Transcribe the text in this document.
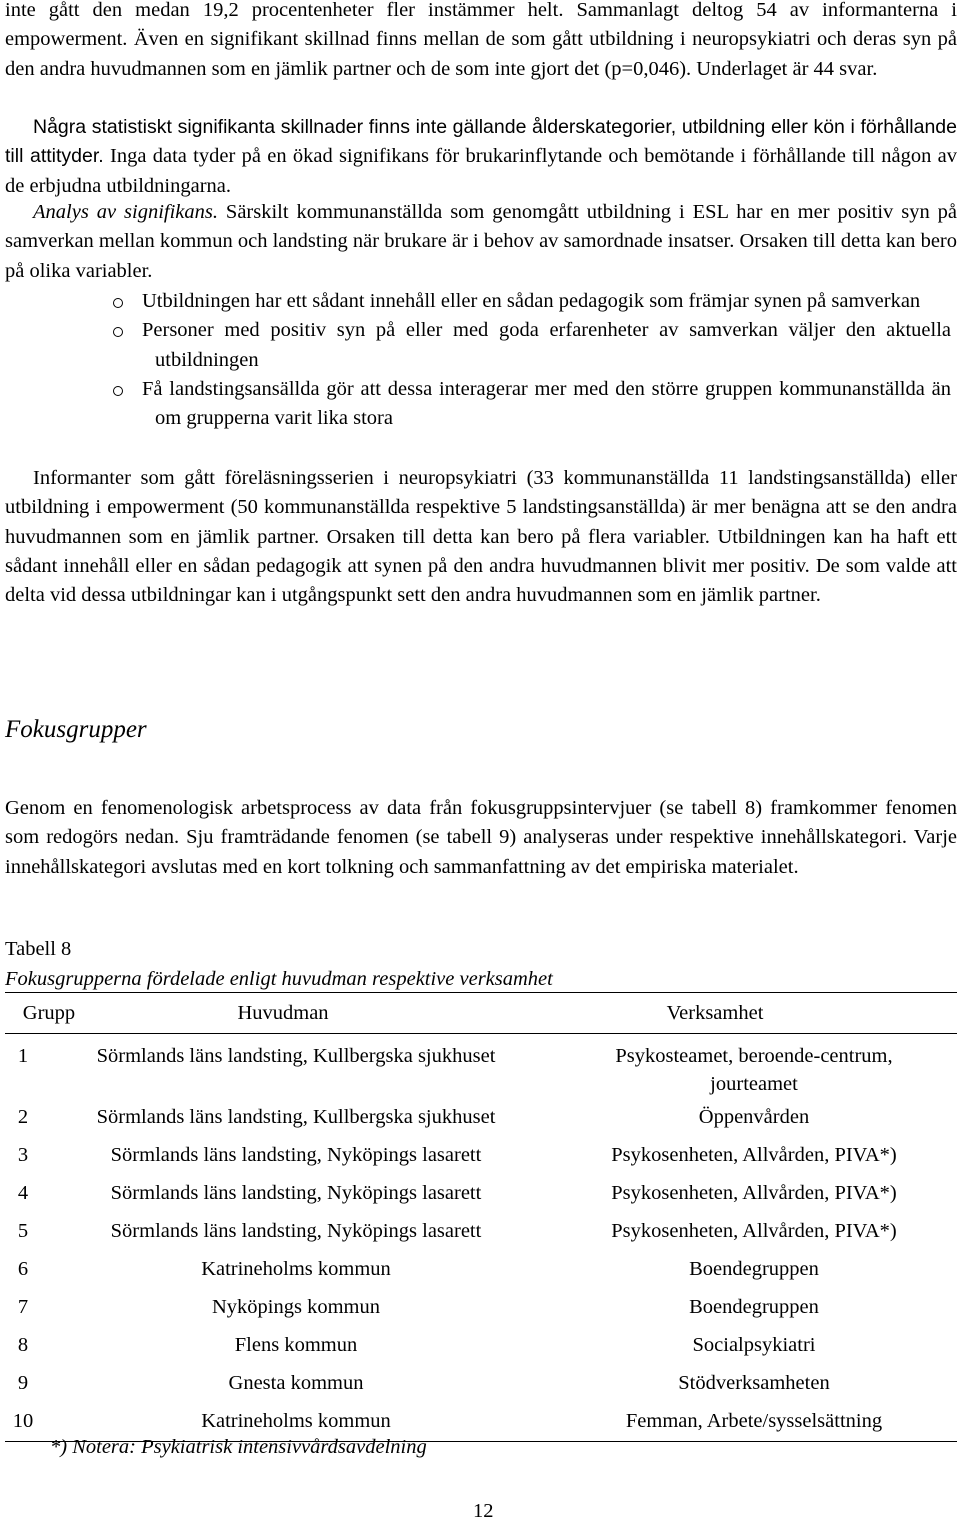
inte gått den medan 19,2 procentenheter fler instämmer helt. Sammanlagt deltog 54 av informanterna i empowerment. Även en signifikant skillnad finns mellan de som gått utbildning i neuropsykiatri och deras syn på den andra huvudmannen som en jämlik partner och de som inte gjort det (p=0,046). Underlaget är 44 svar.

Några statistiskt signifikanta skillnader finns inte gällande ålderskategorier, utbildning eller kön i förhållande till attityder. Inga data tyder på en ökad signifikans för brukarinflytande och bemötande i förhållande till någon av de erbjudna utbildningarna.

Analys av signifikans. Särskilt kommunanställda som genomgått utbildning i ESL har en mer positiv syn på samverkan mellan kommun och landsting när brukare är i behov av samordnade insatser. Orsaken till detta kan bero på olika variabler.

Utbildningen har ett sådant innehåll eller en sådan pedagogik som främjar synen på samverkan
Personer med positiv syn på eller med goda erfarenheter av samverkan väljer den aktuella utbildningen
Få landstingsansällda gör att dessa interagerar mer med den större gruppen kommunanställda än om grupperna varit lika stora

Informanter som gått föreläsningsserien i neuropsykiatri (33 kommunanställda 11 landstingsanställda) eller utbildning i empowerment (50 kommunanställda respektive 5 landstingsanställda) är mer benägna att se den andra huvudmannen som en jämlik partner. Orsaken till detta kan bero på flera variabler. Utbildningen kan ha haft ett sådant innehåll eller en sådan pedagogik att synen på den andra huvudmannen blivit mer positiv. De som valde att delta vid dessa utbildningar kan i utgångspunkt sett den andra huvudmannen som en jämlik partner.

Fokusgrupper

Genom en fenomenologisk arbetsprocess av data från fokusgruppsintervjuer (se tabell 8) framkommer fenomen som redogörs nedan. Sju framträdande fenomen (se tabell 9) analyseras under respektive innehållskategori. Varje innehållskategori avslutas med en kort tolkning och sammanfattning av det empiriska materialet.

Tabell 8
Fokusgrupperna fördelade enligt huvudman respektive verksamhet
Grupp	Huvudman	Verksamhet
1	Sörmlands läns landsting, Kullbergska sjukhuset	Psykosteamet, beroende-centrum, jourteamet
2	Sörmlands läns landsting, Kullbergska sjukhuset	Öppenvården
3	Sörmlands läns landsting, Nyköpings lasarett	Psykosenheten, Allvården, PIVA*)
4	Sörmlands läns landsting, Nyköpings lasarett	Psykosenheten, Allvården, PIVA*)
5	Sörmlands läns landsting, Nyköpings lasarett	Psykosenheten, Allvården, PIVA*)
6	Katrineholms kommun	Boendegruppen
7	Nyköpings kommun	Boendegruppen
8	Flens kommun	Socialpsykiatri
9	Gnesta kommun	Stödverksamheten
10	Katrineholms kommun	Femman, Arbete/sysselsättning
*) Notera: Psykiatrisk intensivvårdsavdelning
12
